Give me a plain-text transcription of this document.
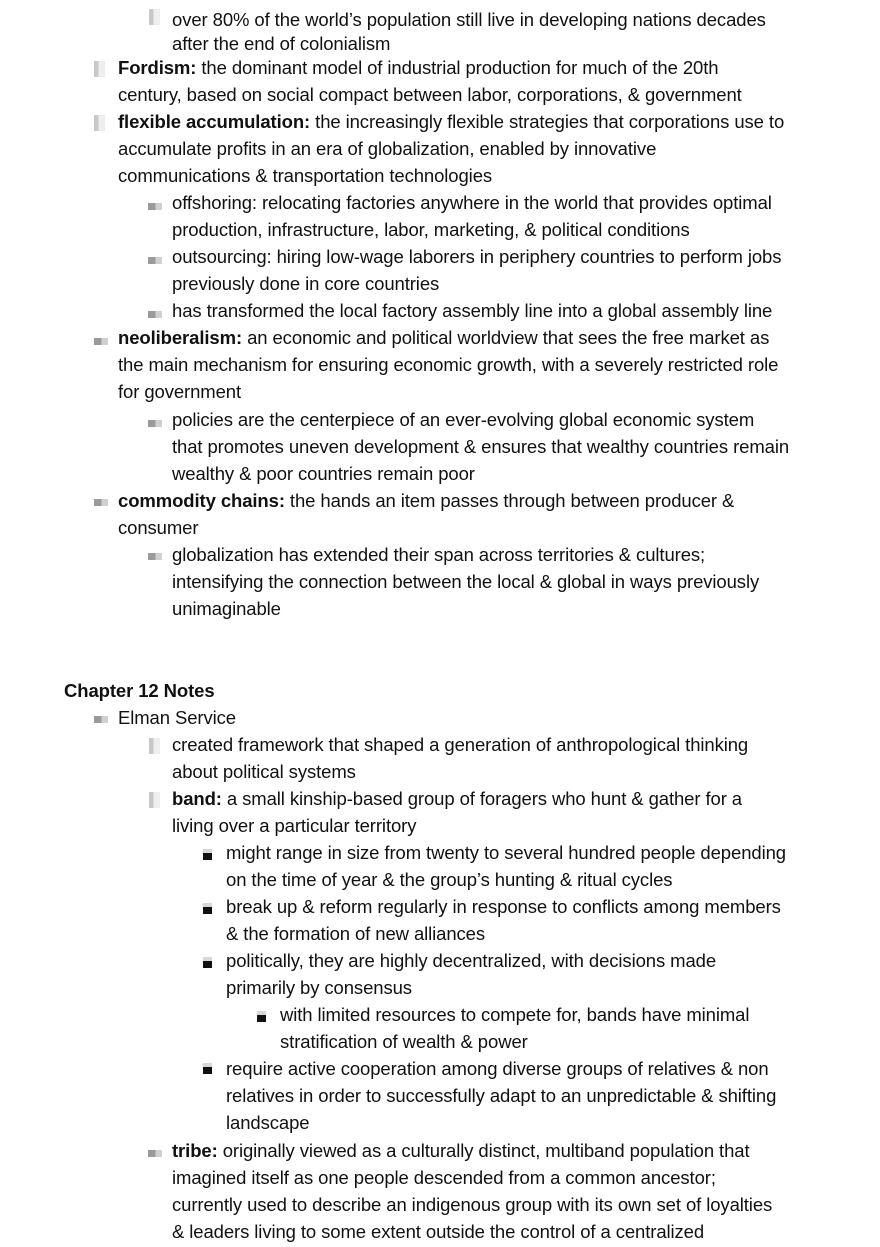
over 80% of the world’s population still live in developing nations decades
after the end of colonialism
Fordism: the dominant model of industrial production for much of the 20th
century, based on social compact between labor, corporations, & government
flexible accumulation: the increasingly flexible strategies that corporations use to
accumulate profits in an era of globalization, enabled by innovative
communications & transportation technologies
offshoring: relocating factories anywhere in the world that provides optimal
production, infrastructure, labor, marketing, & political conditions
outsourcing: hiring low-wage laborers in periphery countries to perform jobs
previously done in core countries
has transformed the local factory assembly line into a global assembly line
neoliberalism: an economic and political worldview that sees the free market as
the main mechanism for ensuring economic growth, with a severely restricted role
for government
policies are the centerpiece of an ever-evolving global economic system
that promotes uneven development & ensures that wealthy countries remain
wealthy & poor countries remain poor
commodity chains: the hands an item passes through between producer &
consumer
globalization has extended their span across territories & cultures;
intensifying the connection between the local & global in ways previously
unimaginable
Chapter 12 Notes
Elman Service
created framework that shaped a generation of anthropological thinking
about political systems
band: a small kinship-based group of foragers who hunt & gather for a
living over a particular territory
might range in size from twenty to several hundred people depending
on the time of year & the group’s hunting & ritual cycles
break up & reform regularly in response to conflicts among members
& the formation of new alliances
politically, they are highly decentralized, with decisions made
primarily by consensus
with limited resources to compete for, bands have minimal
stratification of wealth & power
require active cooperation among diverse groups of relatives & non
relatives in order to successfully adapt to an unpredictable & shifting
landscape
tribe: originally viewed as a culturally distinct, multiband population that
imagined itself as one people descended from a common ancestor;
currently used to describe an indigenous group with its own set of loyalties
& leaders living to some extent outside the control of a centralized
